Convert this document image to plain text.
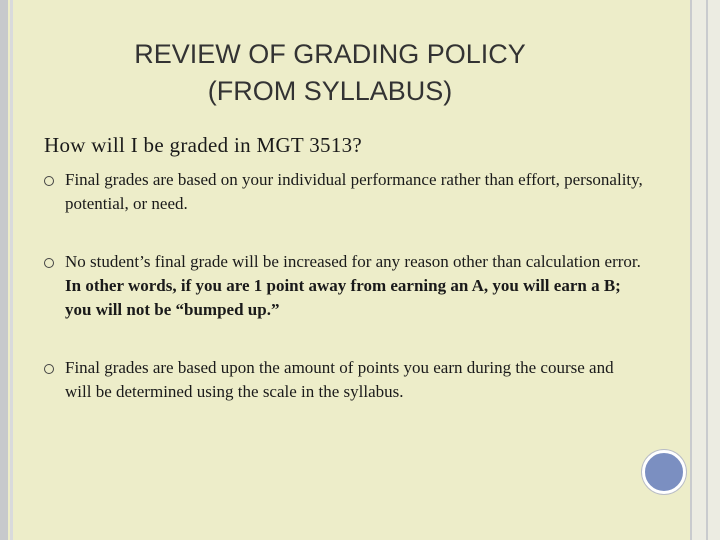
REVIEW OF GRADING POLICY
(FROM SYLLABUS)
How will I be graded in MGT 3513?
Final grades are based on your individual performance rather than effort, personality, potential, or need.
No student’s final grade will be increased for any reason other than calculation error. In other words, if you are 1 point away from earning an A, you will earn a B; you will not be “bumped up.”
Final grades are based upon the amount of points you earn during the course and will be determined using the scale in the syllabus.
